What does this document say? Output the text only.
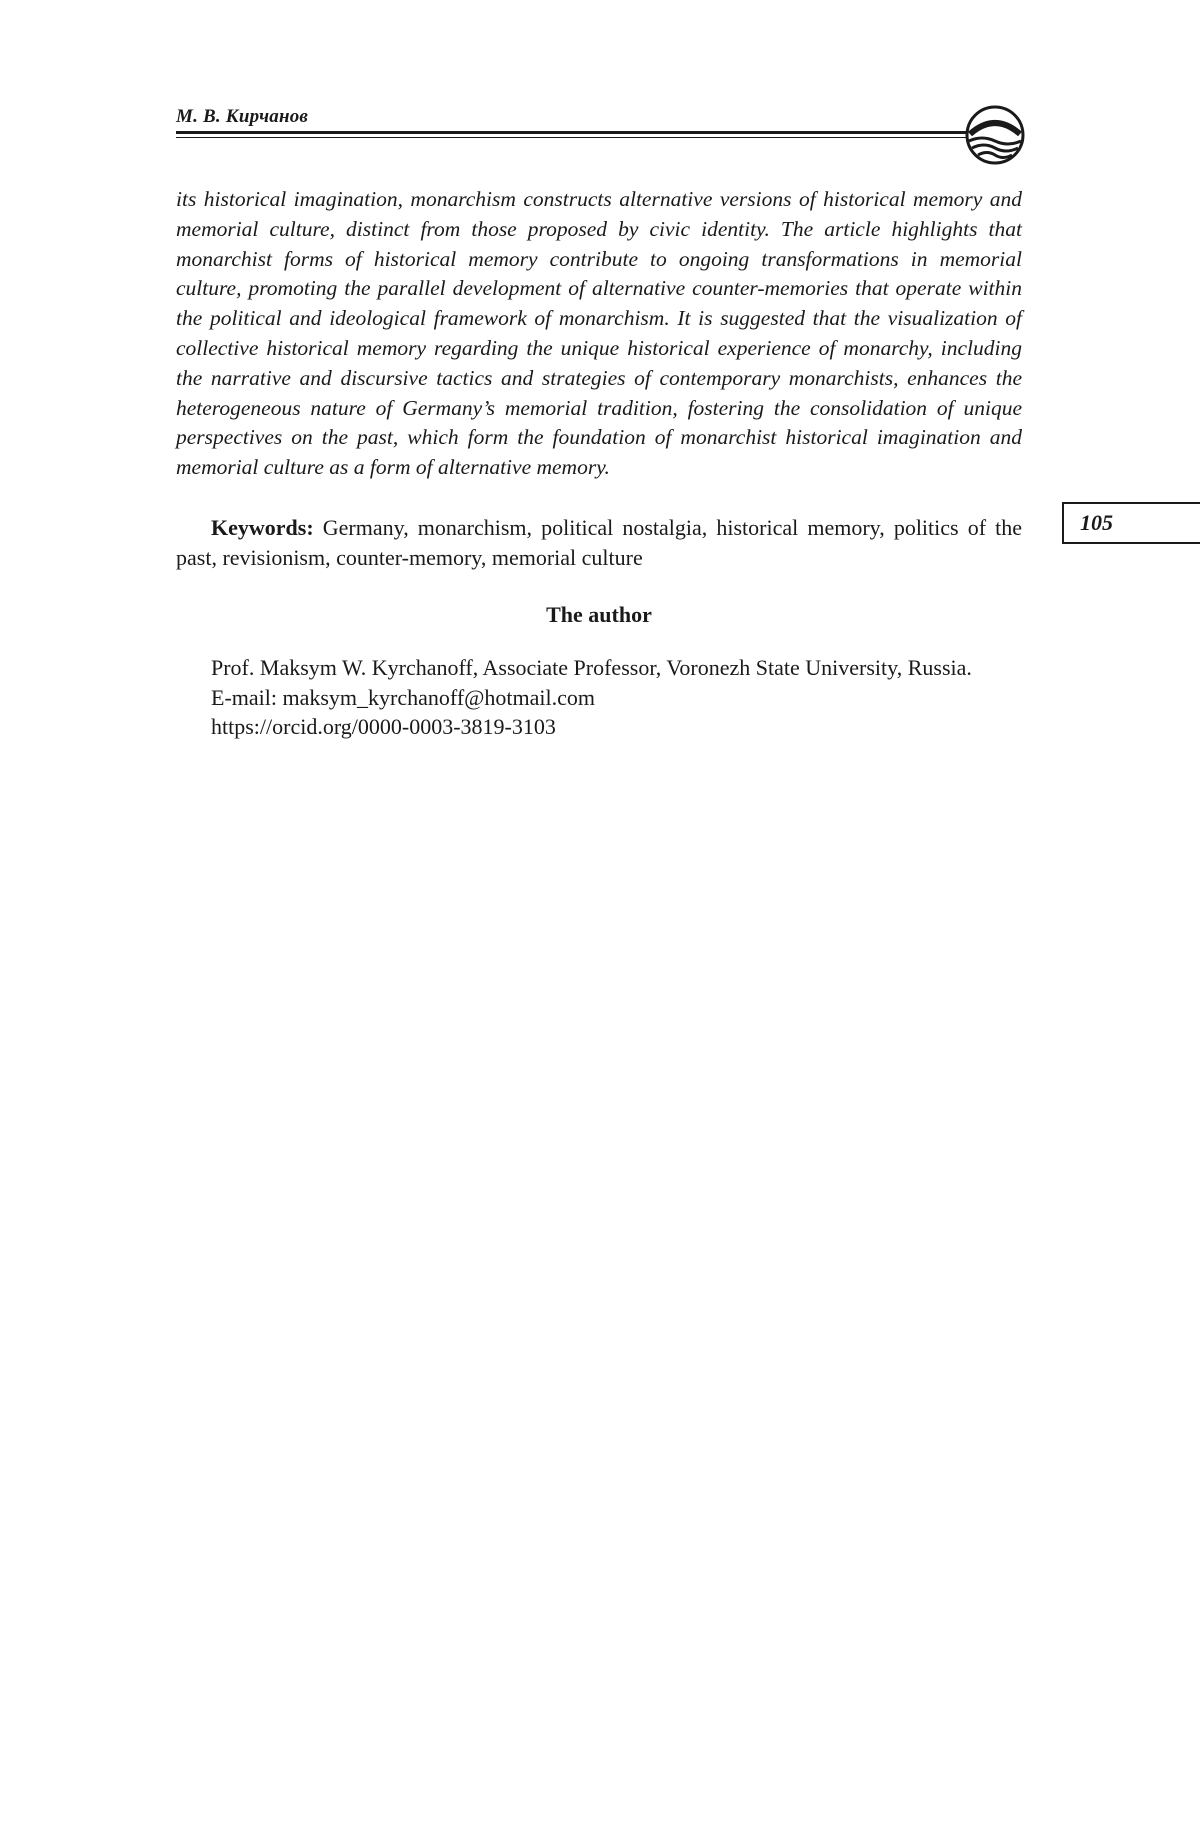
М. В. Кирчанов

its historical imagination, monarchism constructs alternative versions of historical memory and memorial culture, distinct from those proposed by civic identity. The article highlights that monarchist forms of historical memory contribute to ongoing transformations in memorial culture, promoting the parallel development of alternative counter-memories that operate within the political and ideological framework of monarchism. It is suggested that the visualization of collective historical memory regarding the unique historical experience of monarchy, including the narrative and discursive tactics and strategies of contemporary monarchists, enhances the heterogeneous nature of Germany’s memorial tradition, fostering the consolidation of unique perspectives on the past, which form the foundation of monarchist historical imagination and memorial culture as a form of alternative memory.

Keywords: Germany, monarchism, political nostalgia, historical memory, politics of the past, revisionism, counter-memory, memorial culture

105
The author

Prof. Maksym W. Kyrchanoff, Associate Professor, Voronezh State University, Russia.
E-mail: maksym_kyrchanoff@hotmail.com
https://orcid.org/0000-0003-3819-3103
